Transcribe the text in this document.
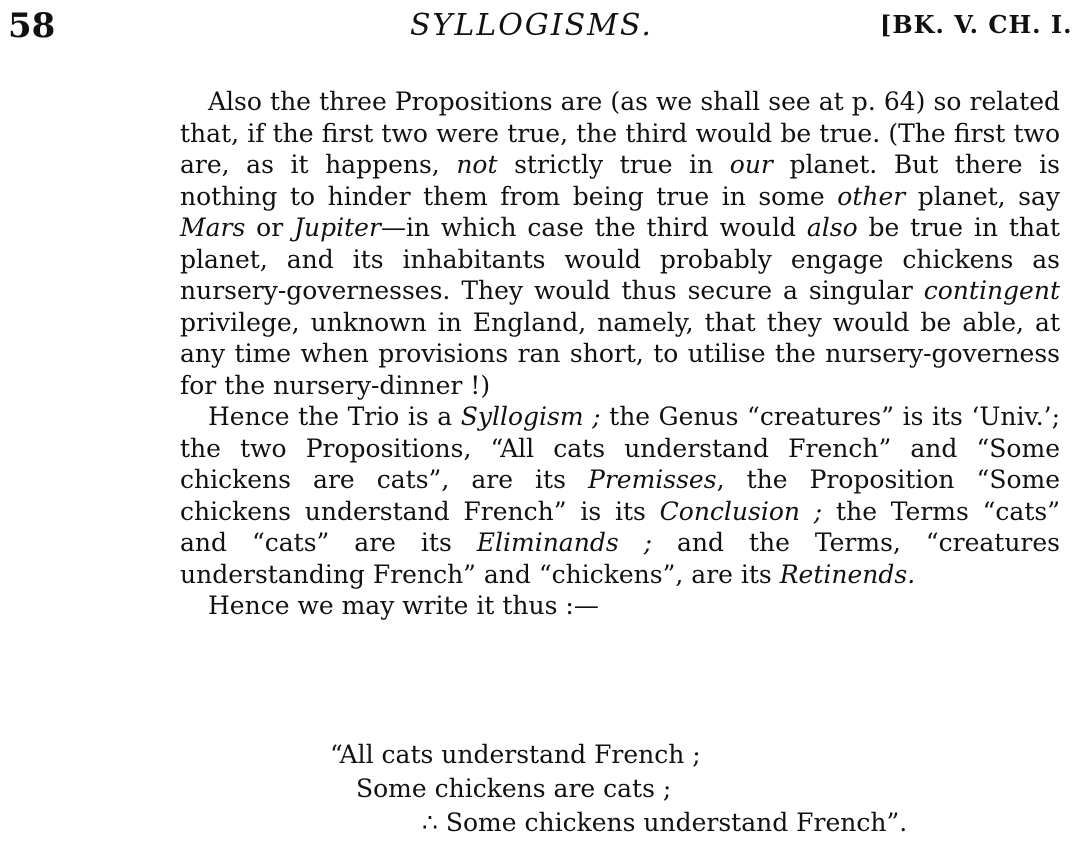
58	SYLLOGISMS.	[BK. V. CH. I.

Also the three Propositions are (as we shall see at p. 64) so related that, if the first two were true, the third would be true. (The first two are, as it happens, not strictly true in our planet. But there is nothing to hinder them from being true in some other planet, say Mars or Jupiter—in which case the third would also be true in that planet, and its inhabitants would probably engage chickens as nursery-governesses. They would thus secure a singular contingent privilege, unknown in England, namely, that they would be able, at any time when provisions ran short, to utilise the nursery-governess for the nursery-dinner !)

Hence the Trio is a Syllogism ; the Genus “creatures” is its ‘Univ.’; the two Propositions, “All cats understand French” and “Some chickens are cats”, are its Premisses, the Proposition “Some chickens understand French” is its Conclusion ; the Terms “cats” and “cats” are its Eliminands ; and the Terms, “creatures understanding French” and “chickens”, are its Retinends.

Hence we may write it thus :—

“All cats understand French ;
Some chickens are cats ;
∴ Some chickens understand French”.
